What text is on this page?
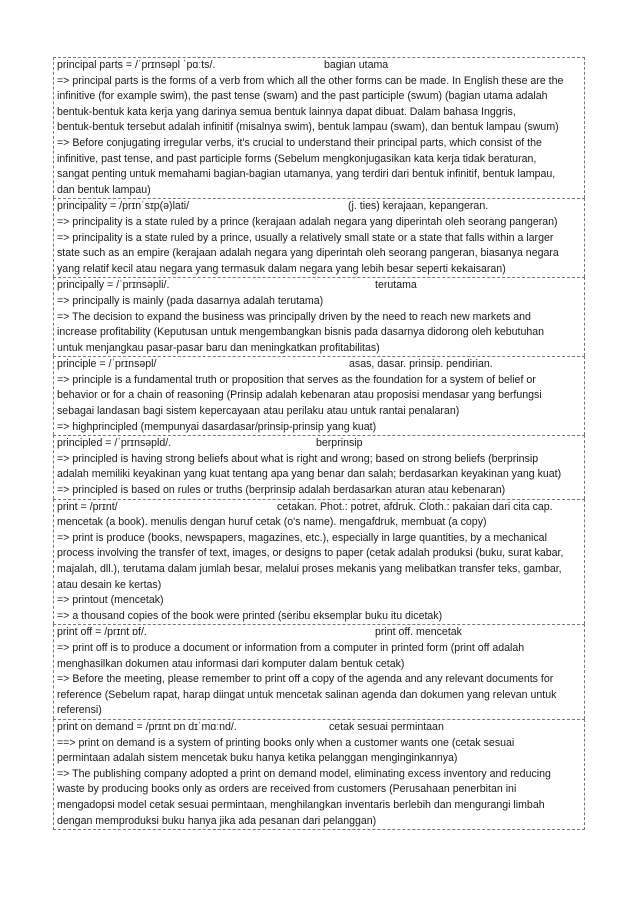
principal parts = /ˈprɪnsəpl ˈpɑːts/.	bagian utama
=> principal parts is the forms of a verb from which all the other forms can be made. In English these are the
infinitive (for example swim), the past tense (swam) and the past participle (swum) (bagian utama adalah
bentuk-bentuk kata kerja yang darinya semua bentuk lainnya dapat dibuat. Dalam bahasa Inggris,
bentuk-bentuk tersebut adalah infinitif (misalnya swim), bentuk lampau (swam), dan bentuk lampau (swum)
=> Before conjugating irregular verbs, it's crucial to understand their principal parts, which consist of the
infinitive, past tense, and past participle forms (Sebelum mengkonjugasikan kata kerja tidak beraturan,
sangat penting untuk memahami bagian-bagian utamanya, yang terdiri dari bentuk infinitif, bentuk lampau,
dan bentuk lampau)
principality = /prɪnˈsɪp(ə)lati/	(j. ties) kerajaan, kepangeran.
=> principality is a state ruled by a prince (kerajaan adalah negara yang diperintah oleh seorang pangeran)
=> principality is a state ruled by a prince, usually a relatively small state or a state that falls within a larger
state such as an empire (kerajaan adalah negara yang diperintah oleh seorang pangeran, biasanya negara
yang relatif kecil atau negara yang termasuk dalam negara yang lebih besar seperti kekaisaran)
principally = /ˈprɪnsəpli/.	terutama
=> principally is mainly (pada dasarnya adalah terutama)
=> The decision to expand the business was principally driven by the need to reach new markets and
increase profitability (Keputusan untuk mengembangkan bisnis pada dasarnya didorong oleh kebutuhan
untuk menjangkau pasar-pasar baru dan meningkatkan profitabilitas)
principle = /ˈprɪnsəpl/	asas, dasar. prinsip. pendirian.
=> principle is a fundamental truth or proposition that serves as the foundation for a system of belief or
behavior or for a chain of reasoning (Prinsip adalah kebenaran atau proposisi mendasar yang berfungsi
sebagai landasan bagi sistem kepercayaan atau perilaku atau untuk rantai penalaran)
=> highprincipled (mempunyai dasardasar/prinsip-prinsip yang kuat)
principled = /ˈprɪnsəpld/.	berprinsip
=> principled is having strong beliefs about what is right and wrong; based on strong beliefs (berprinsip
adalah memiliki keyakinan yang kuat tentang apa yang benar dan salah; berdasarkan keyakinan yang kuat)
=> principled is based on rules or truths (berprinsip adalah berdasarkan aturan atau kebenaran)
print = /prɪnt/	cetakan. Phot.: potret, afdruk. Cloth.: pakaian dari cita cap.
mencetak (a book). menulis dengan huruf cetak (o's name). mengafdruk, membuat (a copy)
=> print is produce (books, newspapers, magazines, etc.), especially in large quantities, by a mechanical
process involving the transfer of text, images, or designs to paper (cetak adalah produksi (buku, surat kabar,
majalah, dll.), terutama dalam jumlah besar, melalui proses mekanis yang melibatkan transfer teks, gambar,
atau desain ke kertas)
=> printout (mencetak)
=> a thousand copies of the book were printed (seribu eksemplar buku itu dicetak)
print off = /prɪnt ɒf/.	print off. mencetak
=> print off is to produce a document or information from a computer in printed form (print off adalah
menghasilkan dokumen atau informasi dari komputer dalam bentuk cetak)
=> Before the meeting, please remember to print off a copy of the agenda and any relevant documents for
reference (Sebelum rapat, harap diingat untuk mencetak salinan agenda dan dokumen yang relevan untuk
referensi)
print on demand = /prɪnt ɒn dɪˈmɑːnd/.	cetak sesuai permintaan
==> print on demand is a system of printing books only when a customer wants one (cetak sesuai
permintaan adalah sistem mencetak buku hanya ketika pelanggan menginginkannya)
=> The publishing company adopted a print on demand model, eliminating excess inventory and reducing
waste by producing books only as orders are received from customers (Perusahaan penerbitan ini
mengadopsi model cetak sesuai permintaan, menghilangkan inventaris berlebih dan mengurangi limbah
dengan memproduksi buku hanya jika ada pesanan dari pelanggan)
